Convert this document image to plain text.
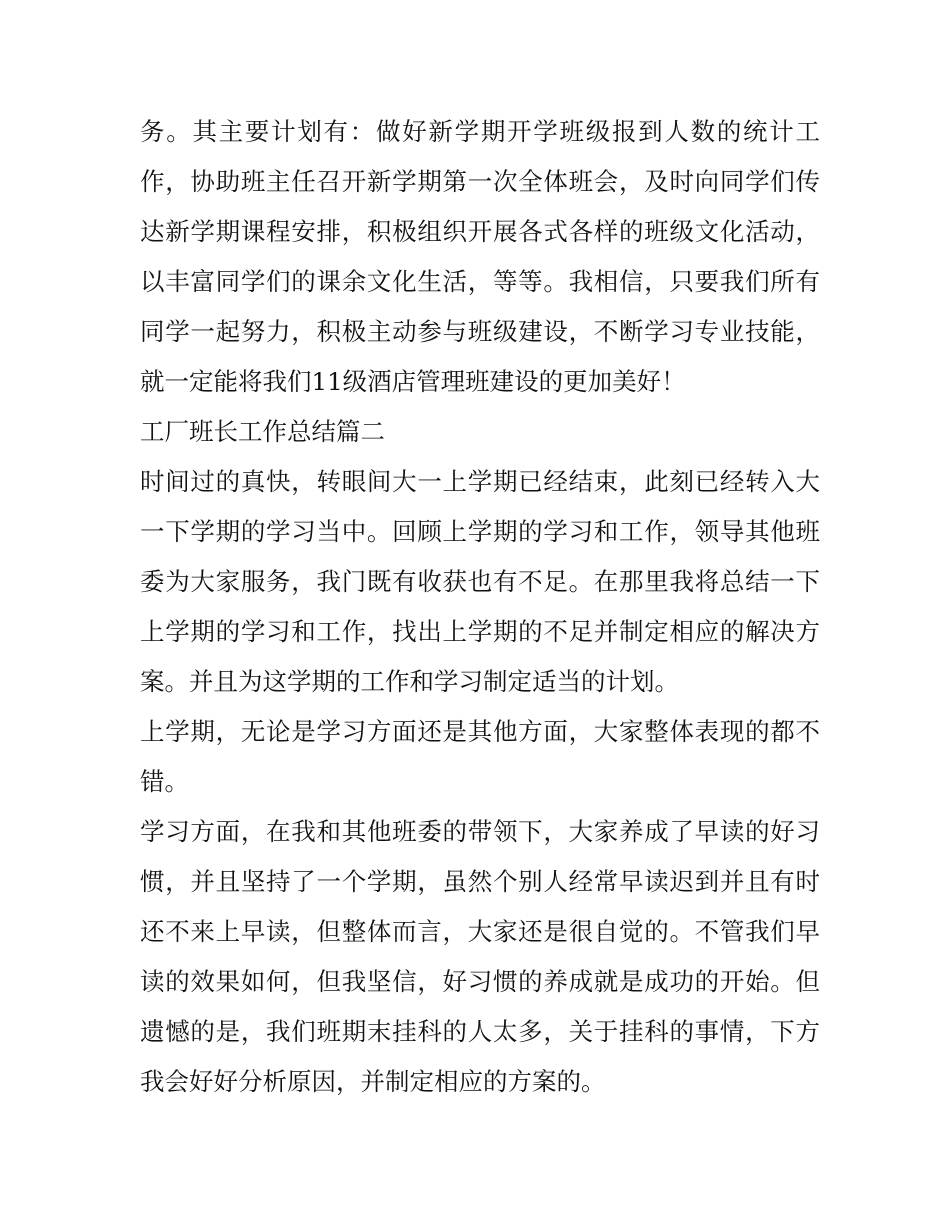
务。其主要计划有：做好新学期开学班级报到人数的统计工
作，协助班主任召开新学期第一次全体班会，及时向同学们传
达新学期课程安排，积极组织开展各式各样的班级文化活动，
以丰富同学们的课余文化生活，等等。我相信，只要我们所有
同学一起努力，积极主动参与班级建设，不断学习专业技能，
就一定能将我们11级酒店管理班建设的更加美好！
工厂班长工作总结篇二
时间过的真快，转眼间大一上学期已经结束，此刻已经转入大
一下学期的学习当中。回顾上学期的学习和工作，领导其他班
委为大家服务，我门既有收获也有不足。在那里我将总结一下
上学期的学习和工作，找出上学期的不足并制定相应的解决方
案。并且为这学期的工作和学习制定适当的计划。
上学期，无论是学习方面还是其他方面，大家整体表现的都不
错。
学习方面，在我和其他班委的带领下，大家养成了早读的好习
惯，并且坚持了一个学期，虽然个别人经常早读迟到并且有时
还不来上早读，但整体而言，大家还是很自觉的。不管我们早
读的效果如何，但我坚信，好习惯的养成就是成功的开始。但
遗憾的是，我们班期末挂科的人太多，关于挂科的事情，下方
我会好好分析原因，并制定相应的方案的。
